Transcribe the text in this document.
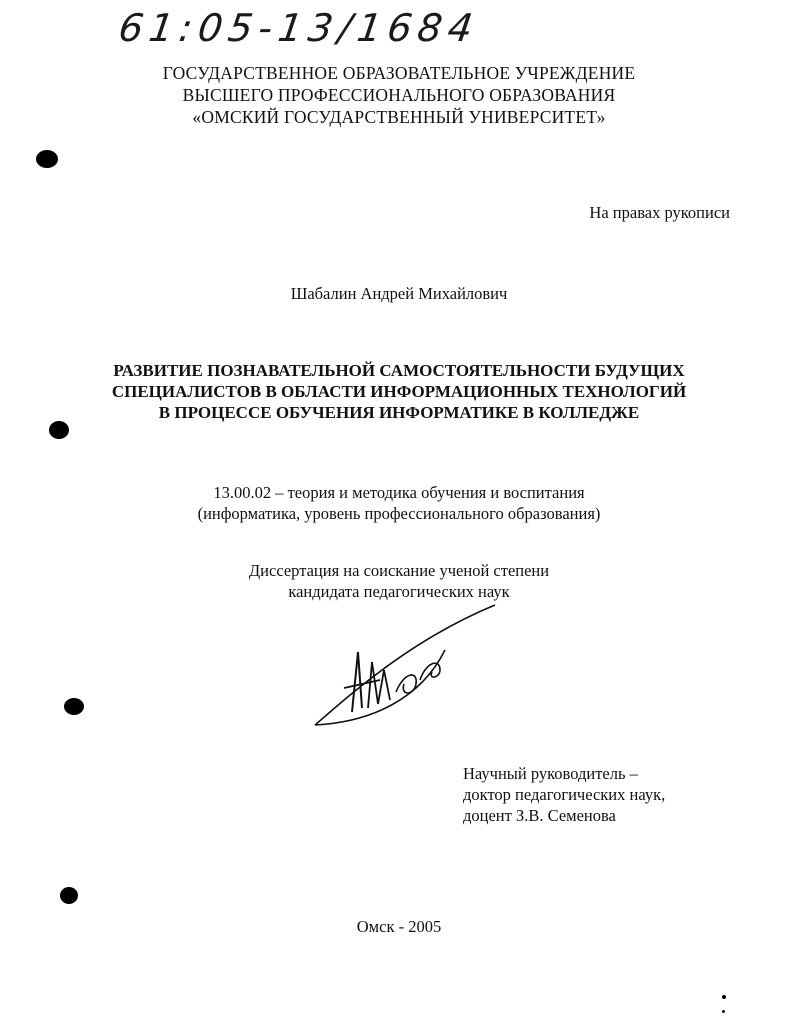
61:05-13/1684
ГОСУДАРСТВЕННОЕ ОБРАЗОВАТЕЛЬНОЕ УЧРЕЖДЕНИЕ
ВЫСШЕГО ПРОФЕССИОНАЛЬНОГО ОБРАЗОВАНИЯ
«ОМСКИЙ ГОСУДАРСТВЕННЫЙ УНИВЕРСИТЕТ»
На правах рукописи
Шабалин Андрей Михайлович
РАЗВИТИЕ ПОЗНАВАТЕЛЬНОЙ САМОСТОЯТЕЛЬНОСТИ БУДУЩИХ
СПЕЦИАЛИСТОВ В ОБЛАСТИ ИНФОРМАЦИОННЫХ ТЕХНОЛОГИЙ
В ПРОЦЕССЕ ОБУЧЕНИЯ ИНФОРМАТИКЕ В КОЛЛЕДЖЕ
13.00.02 – теория и методика обучения и воспитания
(информатика, уровень профессионального образования)
Диссертация на соискание ученой степени
кандидата педагогических наук
Научный руководитель –
доктор педагогических наук,
доцент З.В. Семенова
Омск - 2005
